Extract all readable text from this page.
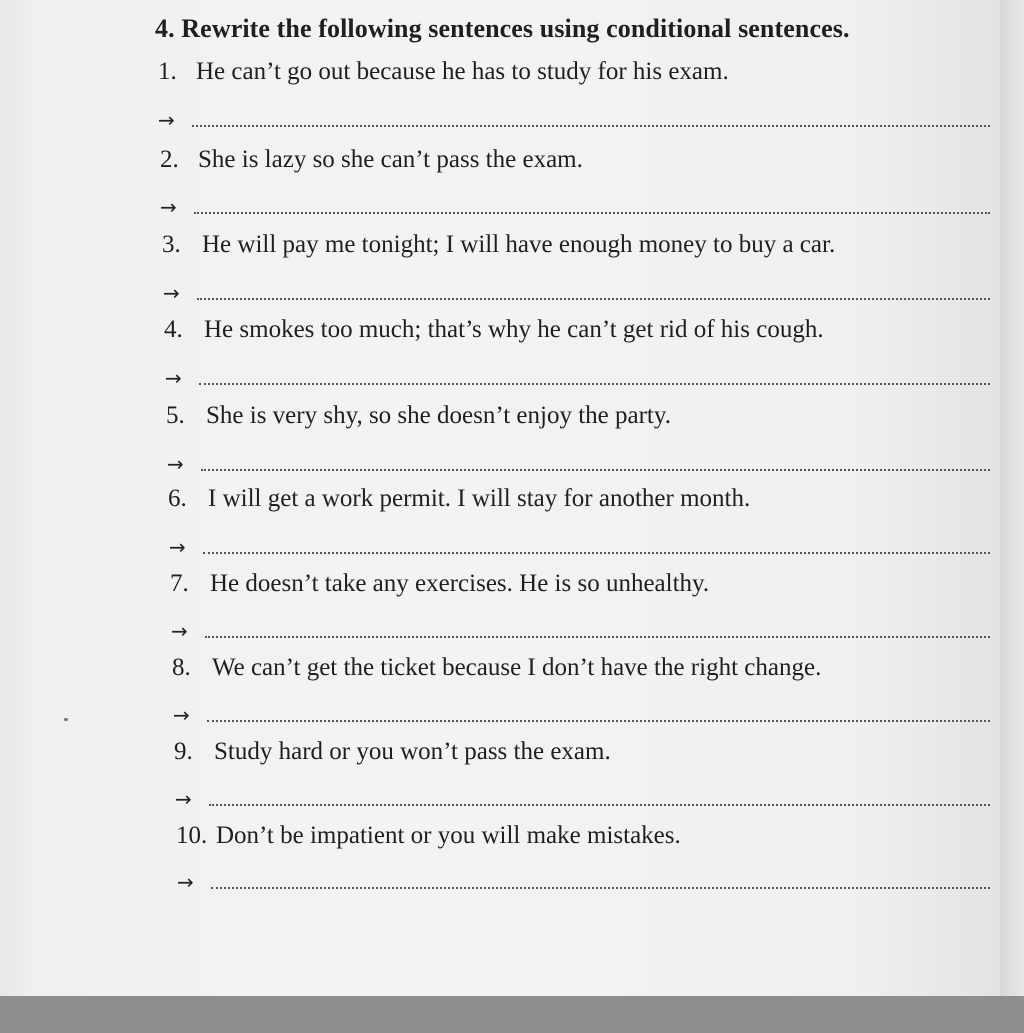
4. Rewrite the following sentences using conditional sentences.
1. He can’t go out because he has to study for his exam.
→
2. She is lazy so she can’t pass the exam.
→
3. He will pay me tonight; I will have enough money to buy a car.
→
4. He smokes too much; that’s why he can’t get rid of his cough.
→
5. She is very shy, so she doesn’t enjoy the party.
→
6. I will get a work permit. I will stay for another month.
→
7. He doesn’t take any exercises. He is so unhealthy.
→
8. We can’t get the ticket because I don’t have the right change.
→
9. Study hard or you won’t pass the exam.
→
10. Don’t be impatient or you will make mistakes.
→
